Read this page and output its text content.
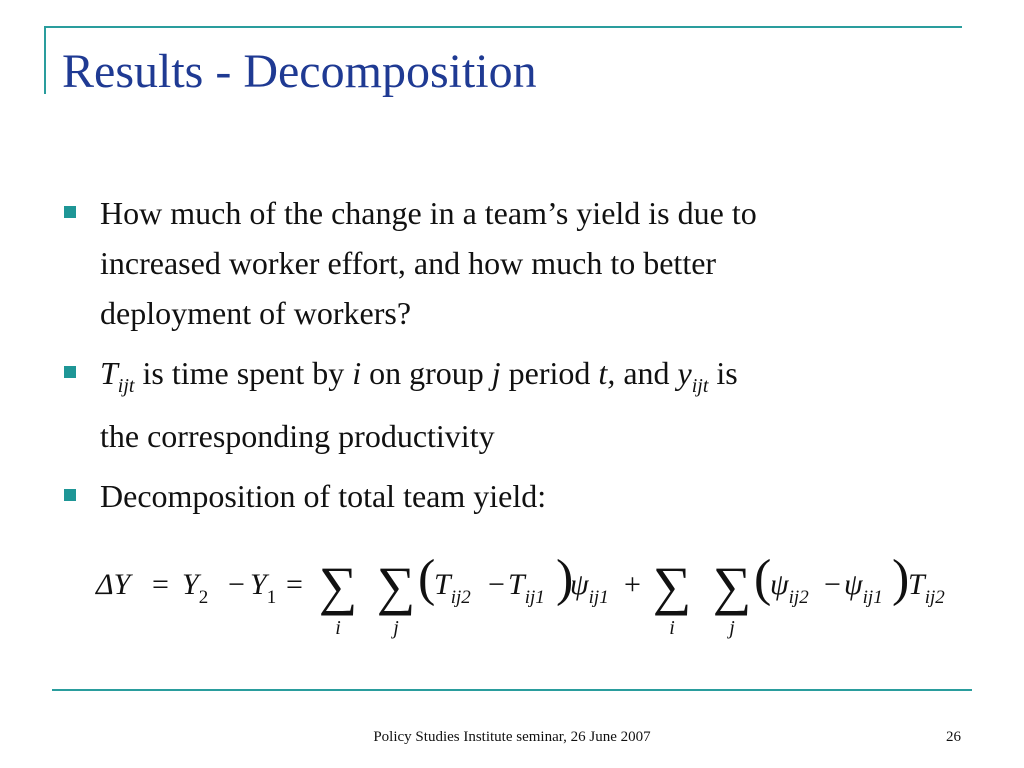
Results - Decomposition
How much of the change in a team’s yield is due to
increased worker effort, and how much to better
deployment of workers?
$T_{ijt}$ is time spent by i on group j period t, and $y_{ijt}$ is
the corresponding productivity
Decomposition of total team yield:
$\Delta Y = Y_2 - Y_1$ = ∑
i
∑
j
(
$T_{ij2} - T_{ij1}$ )
$\psi_{ij1}$ + ∑
i
∑
j
(
$\psi_{ij2} - \psi_{ij1}$ )
$T_{ij2}$
Policy Studies Institute seminar, 26 June 2007	26
